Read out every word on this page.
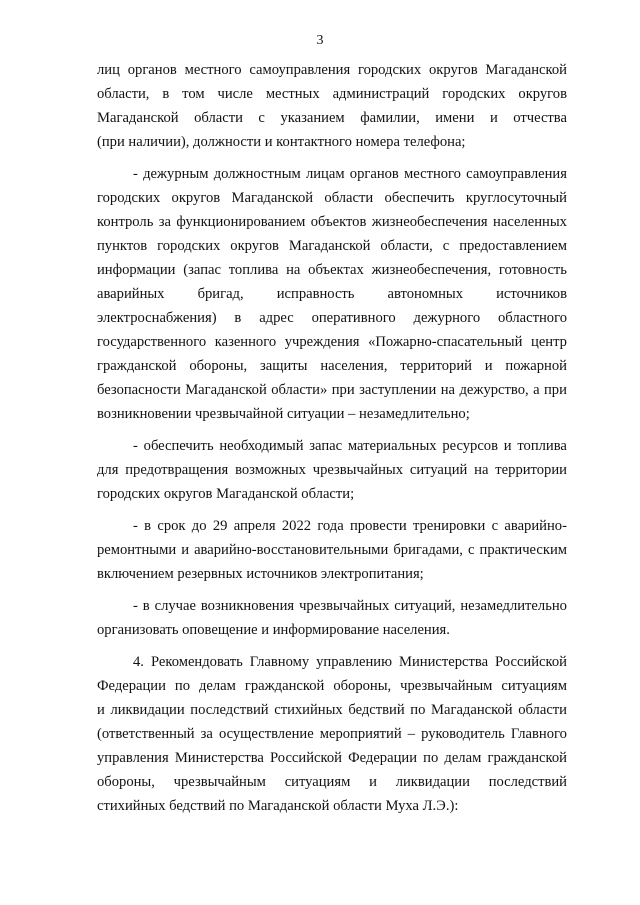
3

лиц органов местного самоуправления городских округов Магаданской
области, в том числе местных администраций городских округов
Магаданской области с указанием фамилии, имени и отчества
(при наличии), должности и контактного номера телефона;

- дежурным должностным лицам органов местного самоуправления
городских округов Магаданской области обеспечить круглосуточный
контроль за функционированием объектов жизнеобеспечения населенных
пунктов городских округов Магаданской области, с предоставлением
информации (запас топлива на объектах жизнеобеспечения, готовность
аварийных бригад, исправность автономных источников
электроснабжения) в адрес оперативного дежурного областного
государственного казенного учреждения «Пожарно-спасательный центр
гражданской обороны, защиты населения, территорий и пожарной
безопасности Магаданской области» при заступлении на дежурство, а при
возникновении чрезвычайной ситуации – незамедлительно;

- обеспечить необходимый запас материальных ресурсов и топлива
для предотвращения возможных чрезвычайных ситуаций на территории
городских округов Магаданской области;

- в срок до 29 апреля 2022 года провести тренировки с аварийно-
ремонтными и аварийно-восстановительными бригадами, с практическим
включением резервных источников электропитания;

- в случае возникновения чрезвычайных ситуаций, незамедлительно
организовать оповещение и информирование населения.

4. Рекомендовать Главному управлению Министерства Российской
Федерации по делам гражданской обороны, чрезвычайным ситуациям
и ликвидации последствий стихийных бедствий по Магаданской области
(ответственный за осуществление мероприятий – руководитель Главного
управления Министерства Российской Федерации по делам гражданской
обороны, чрезвычайным ситуациям и ликвидации последствий
стихийных бедствий по Магаданской области Муха Л.Э.):
